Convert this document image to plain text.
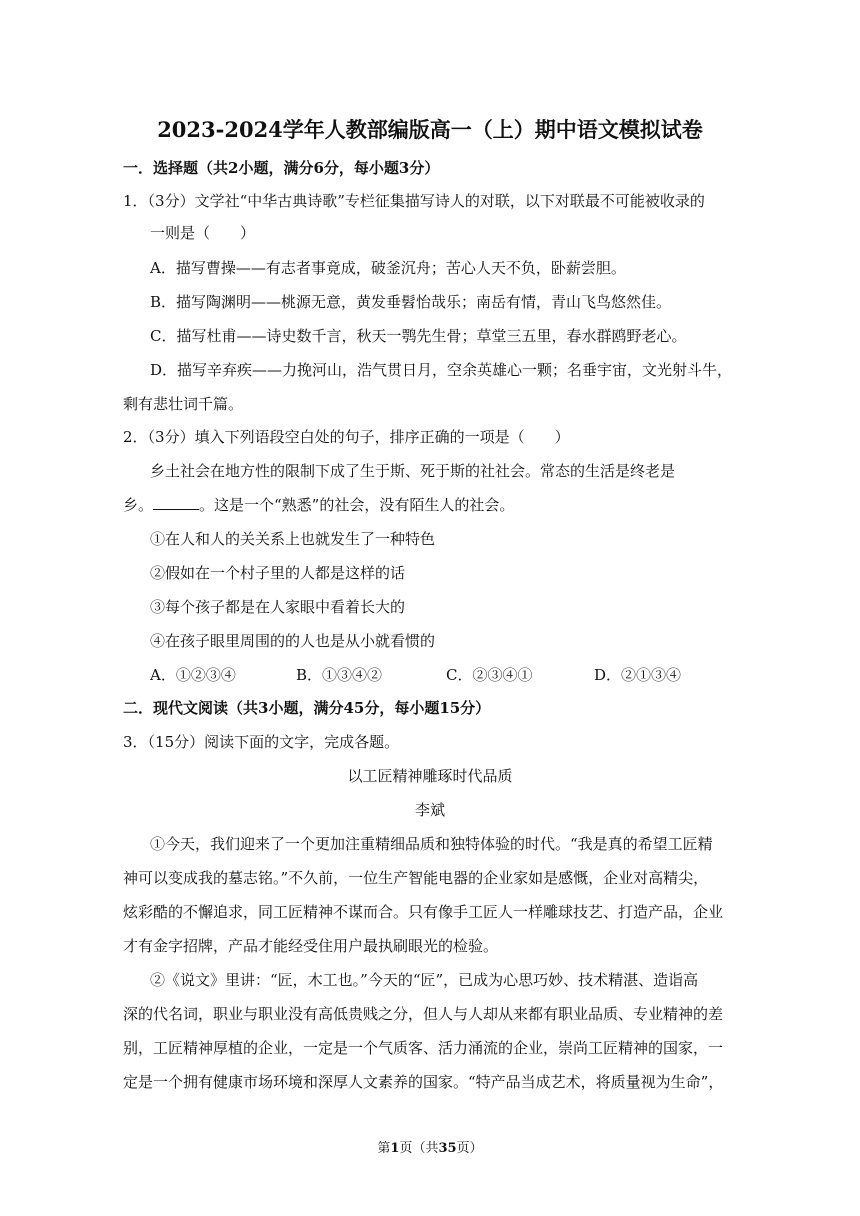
2023-2024学年人教部编版高一（上）期中语文模拟试卷
一．选择题（共2小题，满分6分，每小题3分）
1．（3分）文学社“中华古典诗歌”专栏征集描写诗人的对联，以下对联最不可能被收录的
一则是（　　）
A．描写曹操——有志者事竟成，破釜沉舟；苦心人天不负，卧薪尝胆。
B．描写陶渊明——桃源无意，黄发垂髫怡哉乐；南岳有情，青山飞鸟悠然佳。
C．描写杜甫——诗史数千言，秋天一鹗先生骨；草堂三五里，春水群鸥野老心。
D．描写辛弃疾——力挽河山，浩气贯日月，空余英雄心一颗；名垂宇宙，文光射斗牛，
剩有悲壮词千篇。
2．（3分）填入下列语段空白处的句子，排序正确的一项是（　　）
乡土社会在地方性的限制下成了生于斯、死于斯的社社会。常态的生活是终老是
乡。	。这是一个“熟悉”的社会，没有陌生人的社会。
①在人和人的关关系上也就发生了一种特色
②假如在一个村子里的人都是这样的话
③每个孩子都是在人家眼中看着长大的
④在孩子眼里周围的的人也是从小就看惯的
A．①②③④	B．①③④②	C．②③④①	D．②①③④
二．现代文阅读（共3小题，满分45分，每小题15分）
3．（15分）阅读下面的文字，完成各题。
以工匠精神雕琢时代品质
李斌
①今天，我们迎来了一个更加注重精细品质和独特体验的时代。“我是真的希望工匠精
神可以变成我的墓志铭。”不久前，一位生产智能电器的企业家如是感慨，企业对高精尖，
炫彩酷的不懈追求，同工匠精神不谋而合。只有像手工匠人一样雕球技艺、打造产品，企业
才有金字招牌，产品才能经受住用户最执刷眼光的检验。
②《说文》里讲：“匠，木工也。”今天的“匠”，已成为心思巧妙、技术精湛、造诣高
深的代名词，职业与职业没有高低贵贱之分，但人与人却从来都有职业品质、专业精神的差
别，工匠精神厚植的企业，一定是一个气质客、活力涌流的企业，崇尚工匠精神的国家，一
定是一个拥有健康市场环境和深厚人文素养的国家。“特产品当成艺术，将质量视为生命”，
第1页（共35页）
